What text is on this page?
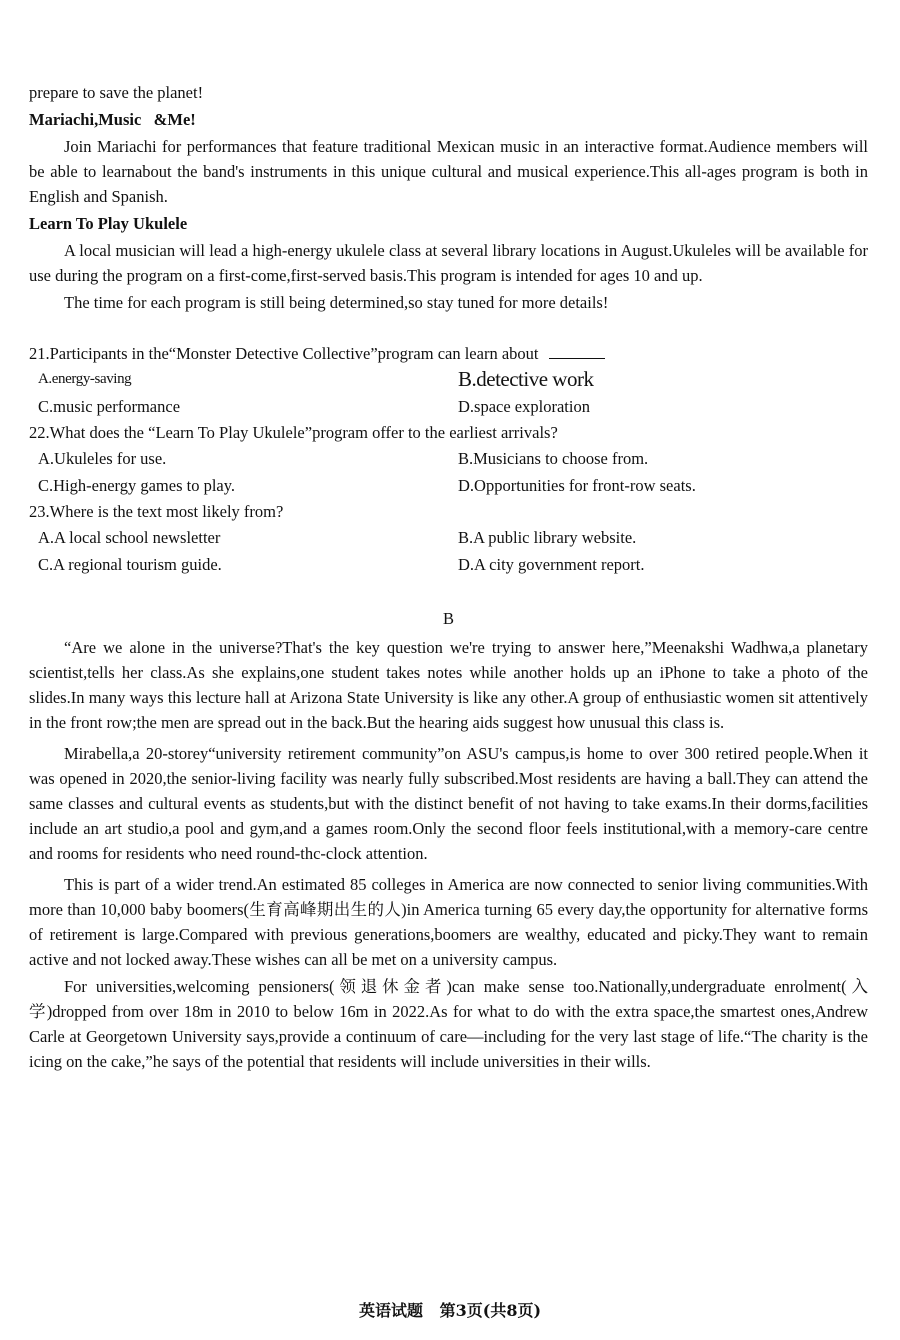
prepare to save the planet!

Mariachi,Music   &Me!

Join Mariachi for performances that feature traditional Mexican music in an interactive format.Audience members will be able to learnabout the band's instruments in this unique cultural and musical experience.This all-ages program is both in English and Spanish.

Learn To Play Ukulele

A local musician will lead a high-energy ukulele class at several library locations in August.Ukuleles will be available for use during the program on a first-come,first-served basis.This program is intended for ages 10 and up.

The time for each program is still being determined,so stay tuned for more details!

21.Participants in the“Monster Detective Collective”program can learn about

A.energy-saving	B.detective work
C.music performance	D.space exploration

22.What does the “Learn To Play Ukulele”program offer to the earliest arrivals?

A.Ukuleles for use.	B.Musicians to choose from.
C.High-energy games to play.	D.Opportunities for front-row seats.

23.Where is the text most likely from?

A.A local school newsletter	B.A public library website.
C.A regional tourism guide.	D.A city government report.

B

“Are we alone in the universe?That's the key question we're trying to answer here,”Meenakshi Wadhwa,a planetary scientist,tells her class.As she explains,one student takes notes while another holds up an iPhone to take a photo of the slides.In many ways this lecture hall at Arizona State University is like any other.A group of enthusiastic women sit attentively in the front row;the men are spread out in the back.But the hearing aids suggest how unusual this class is.

Mirabella,a 20-storey“university retirement community”on ASU's campus,is home to over 300 retired people.When it was opened in 2020,the senior-living facility was nearly fully subscribed.Most residents are having a ball.They can attend the same classes and cultural events as students,but with the distinct benefit of not having to take exams.In their dorms,facilities include an art studio,a pool and gym,and a games room.Only the second floor feels institutional,with a memory-care centre and rooms for residents who need round-thc-clock attention.

This is part of a wider trend.An estimated 85 colleges in America are now connected to senior living communities.With more than 10,000 baby boomers(生育高峰期出生的人)in America turning 65 every day,the opportunity for alternative forms of retirement is large.Compared with previous generations,boomers are wealthy, educated and picky.They want to remain active and not locked away.These wishes can all be met on a university campus.

For universities,welcoming pensioners(领退休金者)can make sense too.Nationally,undergraduate enrolment(入学)dropped from over 18m in 2010 to below 16m in 2022.As for what to do with the extra space,the smartest ones,Andrew Carle at Georgetown University says,provide a continuum of care—including for the very last stage of life.“The charity is the icing on the cake,”he says of the potential that residents will include universities in their wills.

英语试题   第3页(共8页)
